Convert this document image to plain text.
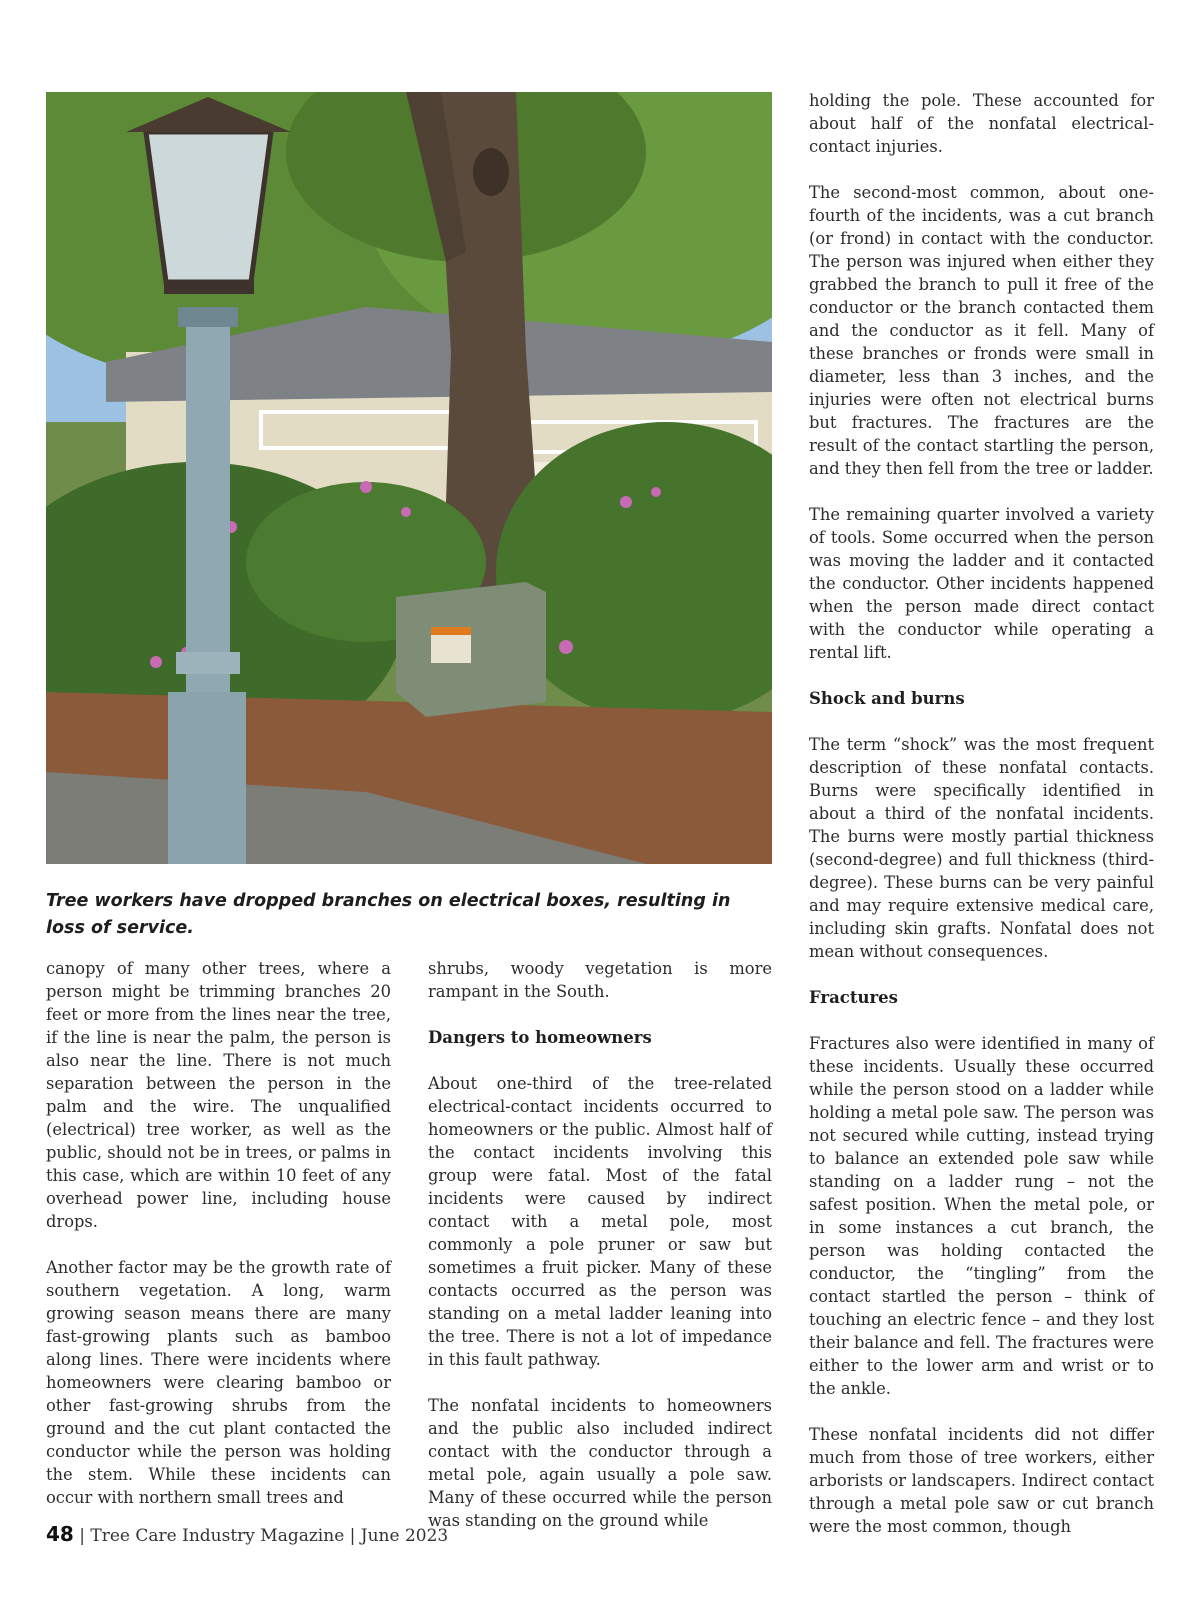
Tree workers have dropped branches on electrical boxes, resulting in loss of service.

canopy of many other trees, where a person might be trimming branches 20 feet or more from the lines near the tree, if the line is near the palm, the person is also near the line. There is not much separation between the person in the palm and the wire. The unqualified (electrical) tree worker, as well as the public, should not be in trees, or palms in this case, which are within 10 feet of any overhead power line, including house drops.

Another factor may be the growth rate of southern vegetation. A long, warm growing season means there are many fast-growing plants such as bamboo along lines. There were incidents where homeowners were clearing bamboo or other fast-growing shrubs from the ground and the cut plant contacted the conductor while the person was holding the stem. While these incidents can occur with northern small trees and

shrubs, woody vegetation is more rampant in the South.

Dangers to homeowners

About one-third of the tree-related electrical-contact incidents occurred to homeowners or the public. Almost half of the contact incidents involving this group were fatal. Most of the fatal incidents were caused by indirect contact with a metal pole, most commonly a pole pruner or saw but sometimes a fruit picker. Many of these contacts occurred as the person was standing on a metal ladder leaning into the tree. There is not a lot of impedance in this fault pathway.

The nonfatal incidents to homeowners and the public also included indirect contact with the conductor through a metal pole, again usually a pole saw. Many of these occurred while the person was standing on the ground while

holding the pole. These accounted for about half of the nonfatal electrical-contact injuries.

The second-most common, about one-fourth of the incidents, was a cut branch (or frond) in contact with the conductor. The person was injured when either they grabbed the branch to pull it free of the conductor or the branch contacted them and the conductor as it fell. Many of these branches or fronds were small in diameter, less than 3 inches, and the injuries were often not electrical burns but fractures. The fractures are the result of the contact startling the person, and they then fell from the tree or ladder.

The remaining quarter involved a variety of tools. Some occurred when the person was moving the ladder and it contacted the conductor. Other incidents happened when the person made direct contact with the conductor while operating a rental lift.

Shock and burns

The term “shock” was the most frequent description of these nonfatal contacts. Burns were specifically identified in about a third of the nonfatal incidents. The burns were mostly partial thickness (second-degree) and full thickness (third-degree). These burns can be very painful and may require extensive medical care, including skin grafts. Nonfatal does not mean without consequences.

Fractures

Fractures also were identified in many of these incidents. Usually these occurred while the person stood on a ladder while holding a metal pole saw. The person was not secured while cutting, instead trying to balance an extended pole saw while standing on a ladder rung – not the safest position. When the metal pole, or in some instances a cut branch, the person was holding contacted the conductor, the “tingling” from the contact startled the person – think of touching an electric fence – and they lost their balance and fell. The fractures were either to the lower arm and wrist or to the ankle.

These nonfatal incidents did not differ much from those of tree workers, either arborists or landscapers. Indirect contact through a metal pole saw or cut branch were the most common, though

48 | Tree Care Industry Magazine | June 2023
